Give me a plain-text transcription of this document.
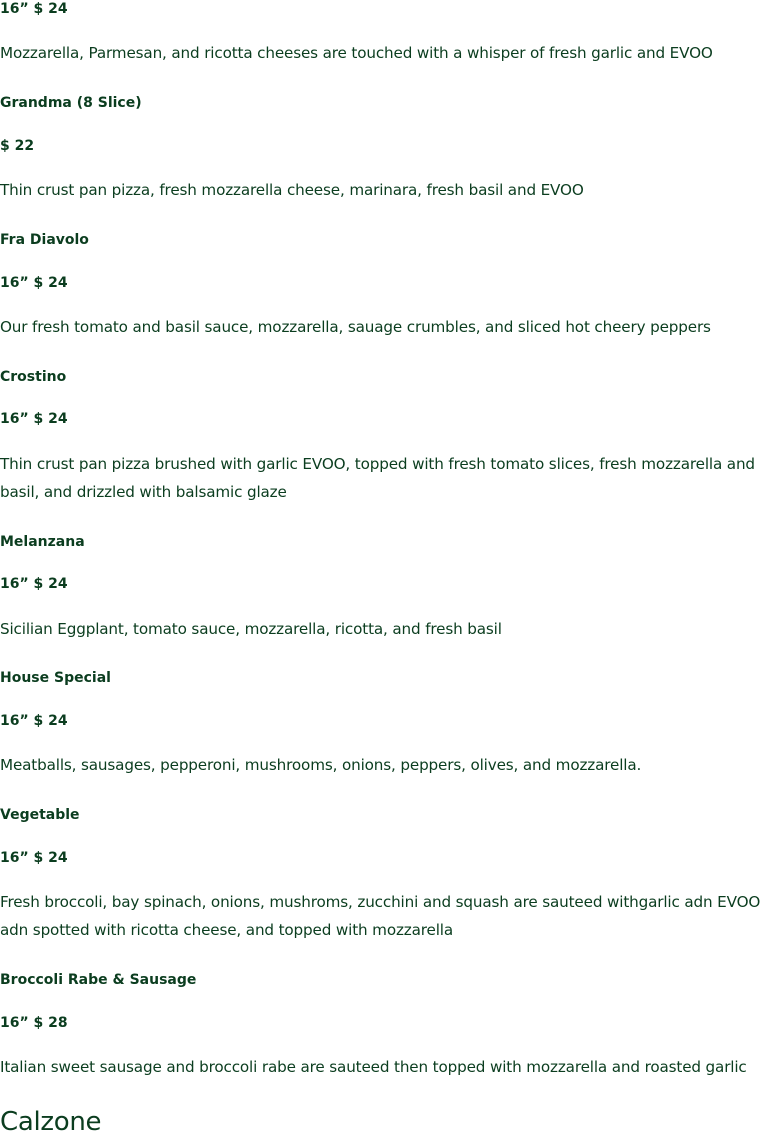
16” $ 24
Mozzarella, Parmesan, and ricotta cheeses are touched with a whisper of fresh garlic and EVOO
Grandma (8 Slice)
$ 22
Thin crust pan pizza, fresh mozzarella cheese, marinara, fresh basil and EVOO
Fra Diavolo
16” $ 24
Our fresh tomato and basil sauce, mozzarella, sauage crumbles, and sliced hot cheery peppers
Crostino
16” $ 24
Thin crust pan pizza brushed with garlic EVOO, topped with fresh tomato slices, fresh mozzarella and basil, and drizzled with balsamic glaze
Melanzana
16” $ 24
Sicilian Eggplant, tomato sauce, mozzarella, ricotta, and fresh basil
House Special
16” $ 24
Meatballs, sausages, pepperoni, mushrooms, onions, peppers, olives, and mozzarella.
Vegetable
16” $ 24
Fresh broccoli, bay spinach, onions, mushroms, zucchini and squash are sauteed withgarlic adn EVOO adn spotted with ricotta cheese, and topped with mozzarella
Broccoli Rabe & Sausage
16” $ 28
Italian sweet sausage and broccoli rabe are sauteed then topped with mozzarella and roasted garlic
Calzone
